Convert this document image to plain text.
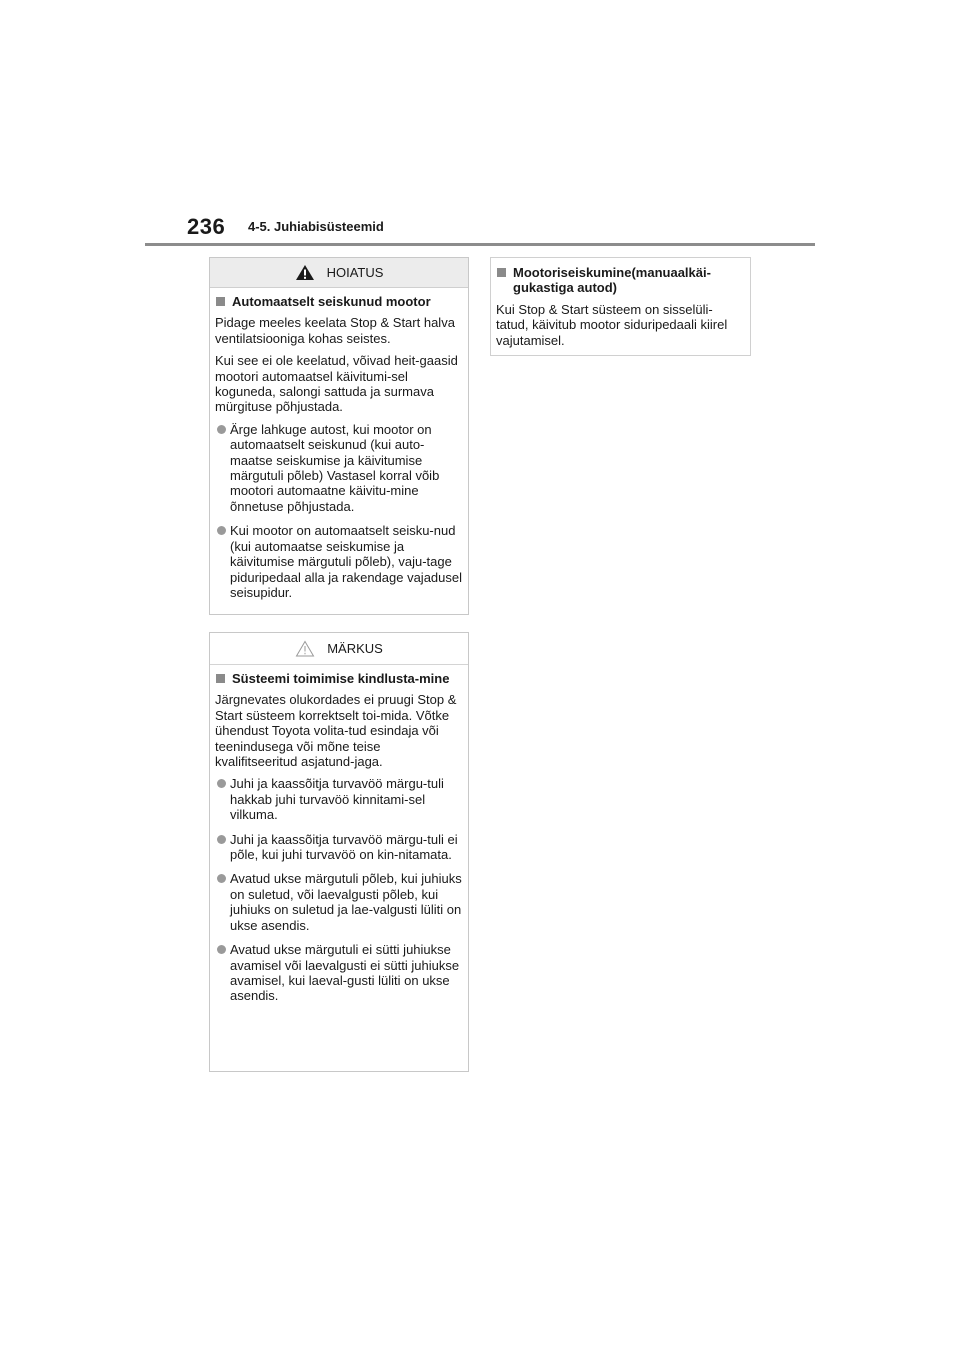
236 4-5. Juhiabisüsteemid
HOIATUS
Automaatselt seiskunud mootor

Pidage meeles keelata Stop & Start halva ventilatsiooniga kohas seistes.

Kui see ei ole keelatud, võivad heit-gaasid mootori automaatsel käivitumi-sel koguneda, salongi sattuda ja surmava mürgituse põhjustada.

Ärge lahkuge autost, kui mootor on automaatselt seiskunud (kui auto-maatse seiskumise ja käivitumise märgutuli põleb) Vastasel korral võib mootori automaatne käivitu-mine õnnetuse põhjustada.
Kui mootor on automaatselt seisku-nud (kui automaatse seiskumise ja käivitumise märgutuli põleb), vaju-tage piduripedaal alla ja rakendage vajadusel seisupidur.
MÄRKUS
Süsteemi toimimise kindlusta-mine

Järgnevates olukordades ei pruugi Stop & Start süsteem korrektselt toi-mida. Võtke ühendust Toyota volita-tud esindaja või teenindusega või mõne teise kvalifitseeritud asjatund-jaga.

Juhi ja kaassõitja turvavöö märgu-tuli hakkab juhi turvavöö kinnitami-sel vilkuma.
Juhi ja kaassõitja turvavöö märgu-tuli ei põle, kui juhi turvavöö on kin-nitamata.
Avatud ukse märgutuli põleb, kui juhiuks on suletud, või laevalgusti põleb, kui juhiuks on suletud ja lae-valgusti lüliti on ukse asendis.
Avatud ukse märgutuli ei sütti juhiukse avamisel või laevalgusti ei sütti juhiukse avamisel, kui laeval-gusti lüliti on ukse asendis.
Mootoriseiskumine(manuaalkäi-gukastiga autod)

Kui Stop & Start süsteem on sisselüli-tatud, käivitub mootor siduripedaali kiirel vajutamisel.
